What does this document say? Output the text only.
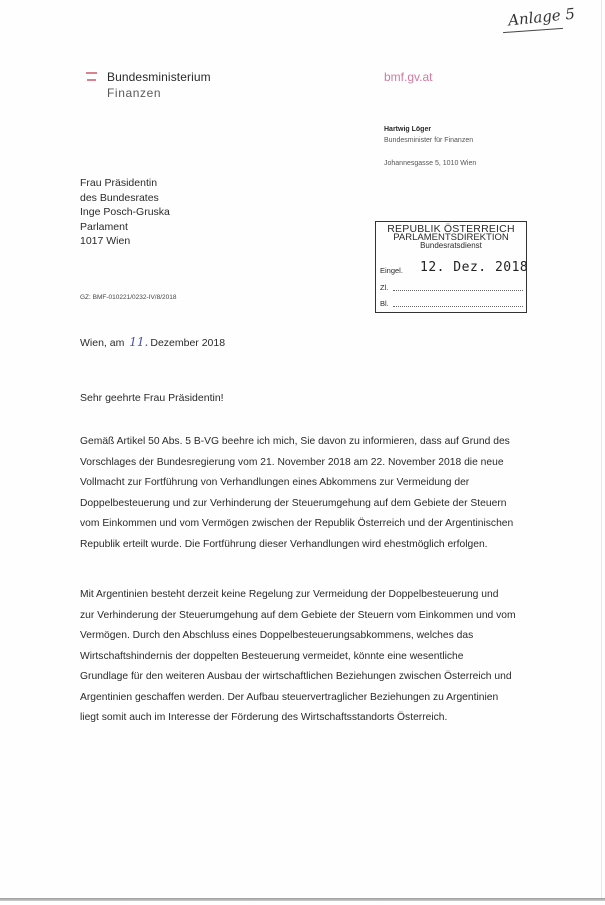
Anlage 5
Bundesministerium
Finanzen
bmf.gv.at
Hartwig Löger
Bundesminister für Finanzen
Johannesgasse 5, 1010 Wien
Frau Präsidentin
des Bundesrates
Inge Posch-Gruska
Parlament
1017 Wien
GZ: BMF-010221/0232-IV/8/2018
REPUBLIK ÖSTERREICH
PARLAMENTSDIREKTION
Bundesratsdienst
Eingel. 12. Dez. 2018
Zl.
Bl.
Wien, am 11. Dezember 2018
Sehr geehrte Frau Präsidentin!
Gemäß Artikel 50 Abs. 5 B-VG beehre ich mich, Sie davon zu informieren, dass auf Grund des
Vorschlages der Bundesregierung vom 21. November 2018 am 22. November 2018 die neue
Vollmacht zur Fortführung von Verhandlungen eines Abkommens zur Vermeidung der
Doppelbesteuerung und zur Verhinderung der Steuerumgehung auf dem Gebiete der Steuern
vom Einkommen und vom Vermögen zwischen der Republik Österreich und der Argentinischen
Republik erteilt wurde. Die Fortführung dieser Verhandlungen wird ehestmöglich erfolgen.
Mit Argentinien besteht derzeit keine Regelung zur Vermeidung der Doppelbesteuerung und
zur Verhinderung der Steuerumgehung auf dem Gebiete der Steuern vom Einkommen und vom
Vermögen. Durch den Abschluss eines Doppelbesteuerungsabkommens, welches das
Wirtschaftshindernis der doppelten Besteuerung vermeidet, könnte eine wesentliche
Grundlage für den weiteren Ausbau der wirtschaftlichen Beziehungen zwischen Österreich und
Argentinien geschaffen werden. Der Aufbau steuervertraglicher Beziehungen zu Argentinien
liegt somit auch im Interesse der Förderung des Wirtschaftsstandorts Österreich.
